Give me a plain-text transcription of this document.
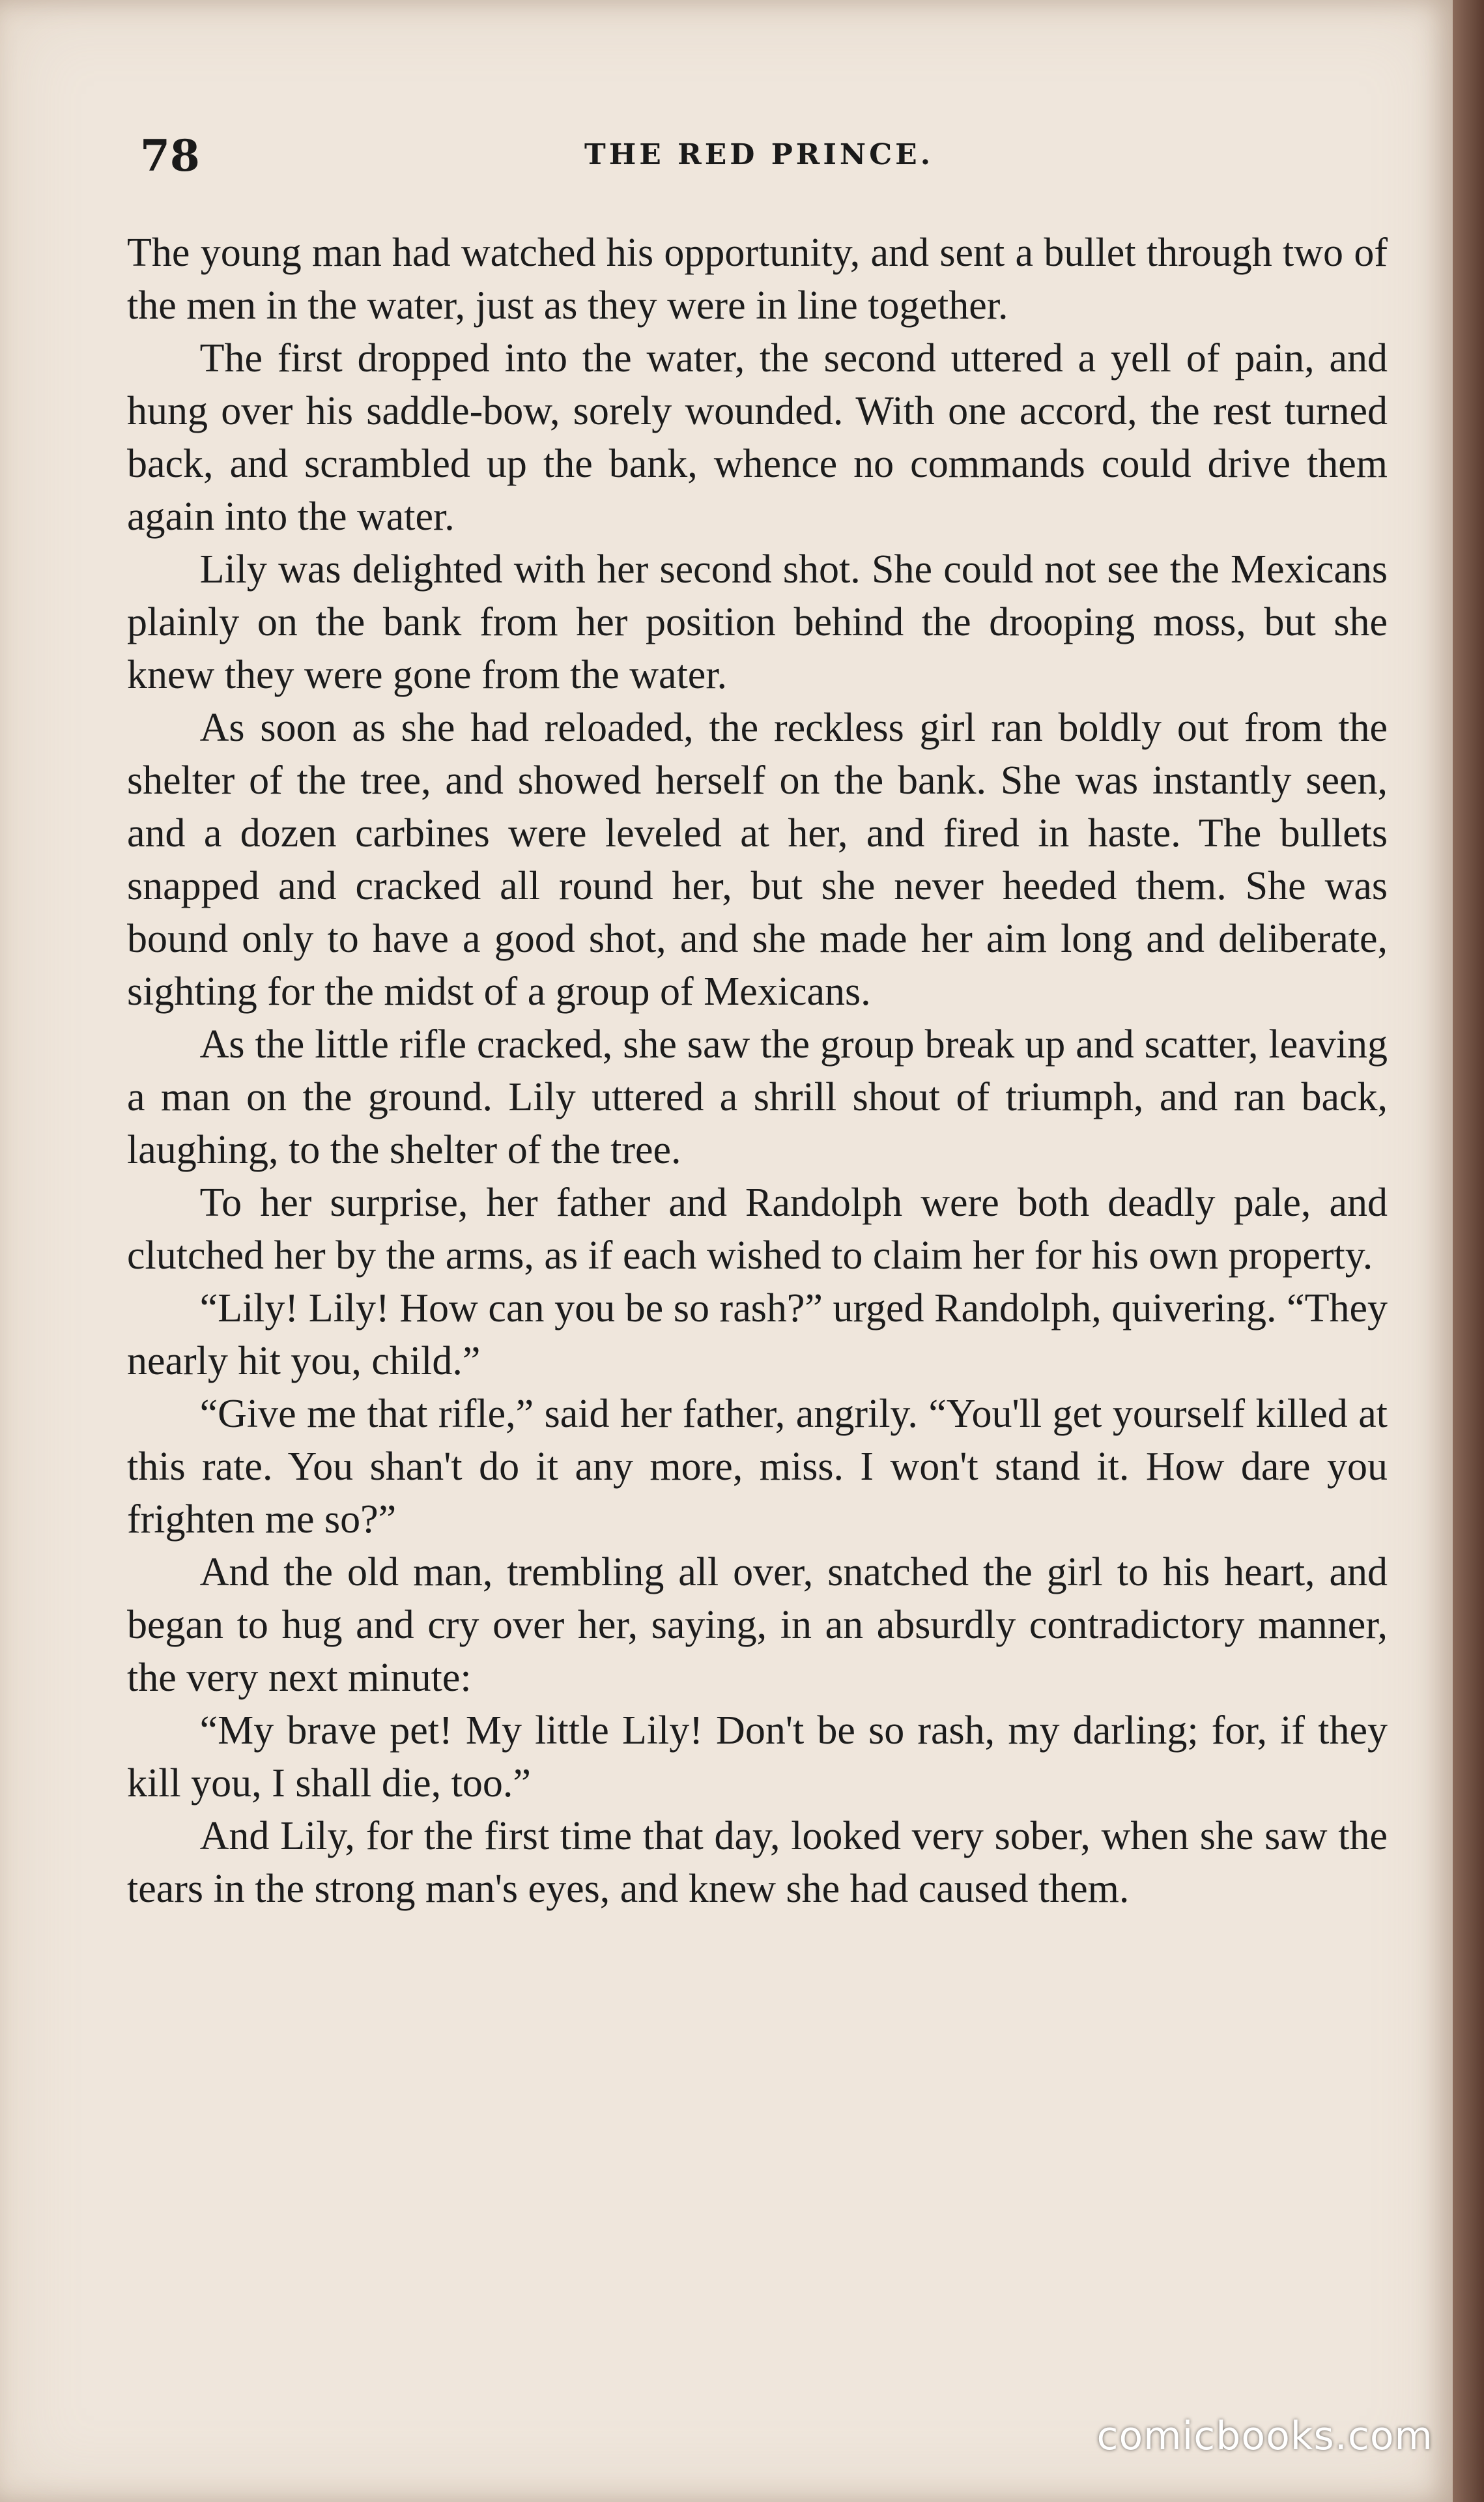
78	THE RED PRINCE.

The young man had watched his opportunity, and sent a bullet through two of the men in the water, just as they were in line together.

The first dropped into the water, the second uttered a yell of pain, and hung over his saddle-bow, sorely wounded. With one accord, the rest turned back, and scrambled up the bank, whence no commands could drive them again into the water.

Lily was delighted with her second shot. She could not see the Mexicans plainly on the bank from her position behind the drooping moss, but she knew they were gone from the water.

As soon as she had reloaded, the reckless girl ran boldly out from the shelter of the tree, and showed herself on the bank. She was instantly seen, and a dozen carbines were leveled at her, and fired in haste. The bullets snapped and cracked all round her, but she never heeded them. She was bound only to have a good shot, and she made her aim long and deliberate, sighting for the midst of a group of Mexicans.

As the little rifle cracked, she saw the group break up and scatter, leaving a man on the ground. Lily uttered a shrill shout of triumph, and ran back, laughing, to the shelter of the tree.

To her surprise, her father and Randolph were both deadly pale, and clutched her by the arms, as if each wished to claim her for his own property.

“Lily! Lily! How can you be so rash?” urged Randolph, quivering. “They nearly hit you, child.”

“Give me that rifle,” said her father, angrily. “You'll get yourself killed at this rate. You shan't do it any more, miss. I won't stand it. How dare you frighten me so?”

And the old man, trembling all over, snatched the girl to his heart, and began to hug and cry over her, saying, in an absurdly contradictory manner, the very next minute:

“My brave pet! My little Lily! Don't be so rash, my darling; for, if they kill you, I shall die, too.”

And Lily, for the first time that day, looked very sober, when she saw the tears in the strong man's eyes, and knew she had caused them.

comicbooks.com
